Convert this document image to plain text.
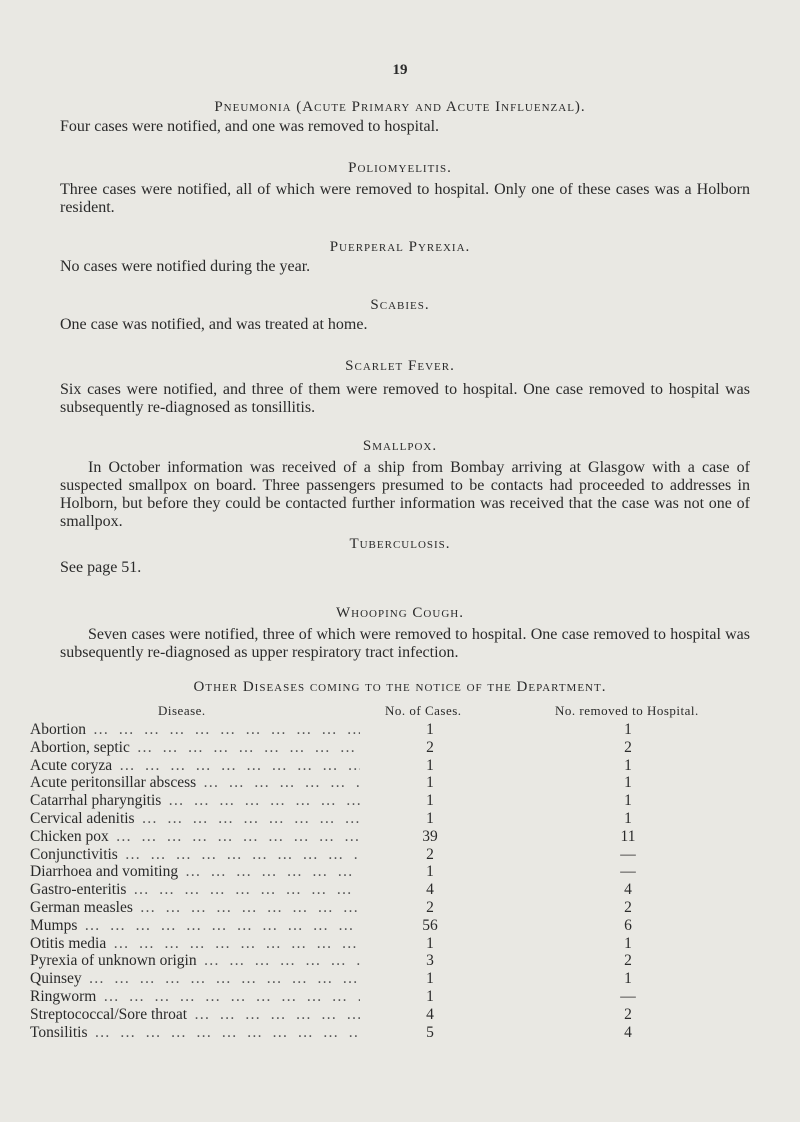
19
Pneumonia (Acute Primary and Acute Influenzal).
Four cases were notified, and one was removed to hospital.
Poliomyelitis.
Three cases were notified, all of which were removed to hospital. Only one of these cases was a Holborn resident.
Puerperal Pyrexia.
No cases were notified during the year.
Scabies.
One case was notified, and was treated at home.
Scarlet Fever.
Six cases were notified, and three of them were removed to hospital. One case removed to hospital was subsequently re-diagnosed as tonsillitis.
Smallpox.
In October information was received of a ship from Bombay arriving at Glasgow with a case of suspected smallpox on board. Three passengers presumed to be contacts had proceeded to addresses in Holborn, but before they could be contacted further information was received that the case was not one of smallpox.
Tuberculosis.
See page 51.
Whooping Cough.
Seven cases were notified, three of which were removed to hospital. One case removed to hospital was subsequently re-diagnosed as upper respiratory tract infection.
Other Diseases coming to the notice of the Department.
Disease.	No. of Cases.	No. removed to Hospital.
Abortion … … … … … … … … … … … …	1	1
Abortion, septic … … … … … … … … … … … …	2	2
Acute coryza … … … … … … … … … … … …	1	1
Acute peritonsillar abscess … … … … … … … … … … … …	1	1
Catarrhal pharyngitis … … … … … … … … … … … …	1	1
Cervical adenitis … … … … … … … … … … … …	1	1
Chicken pox … … … … … … … … … … … …	39	11
Conjunctivitis … … … … … … … … … … … …	2	—
Diarrhoea and vomiting … … … … … … … … … … … …	1	—
Gastro-enteritis … … … … … … … … … … … …	4	4
German measles … … … … … … … … … … … …	2	2
Mumps … … … … … … … … … … … …	56	6
Otitis media … … … … … … … … … … … …	1	1
Pyrexia of unknown origin … … … … … … … … … … … …	3	2
Quinsey … … … … … … … … … … … …	1	1
Ringworm … … … … … … … … … … … …	1	—
Streptococcal/Sore throat … … … … … … … … … … … …	4	2
Tonsilitis … … … … … … … … … … … …	5	4
